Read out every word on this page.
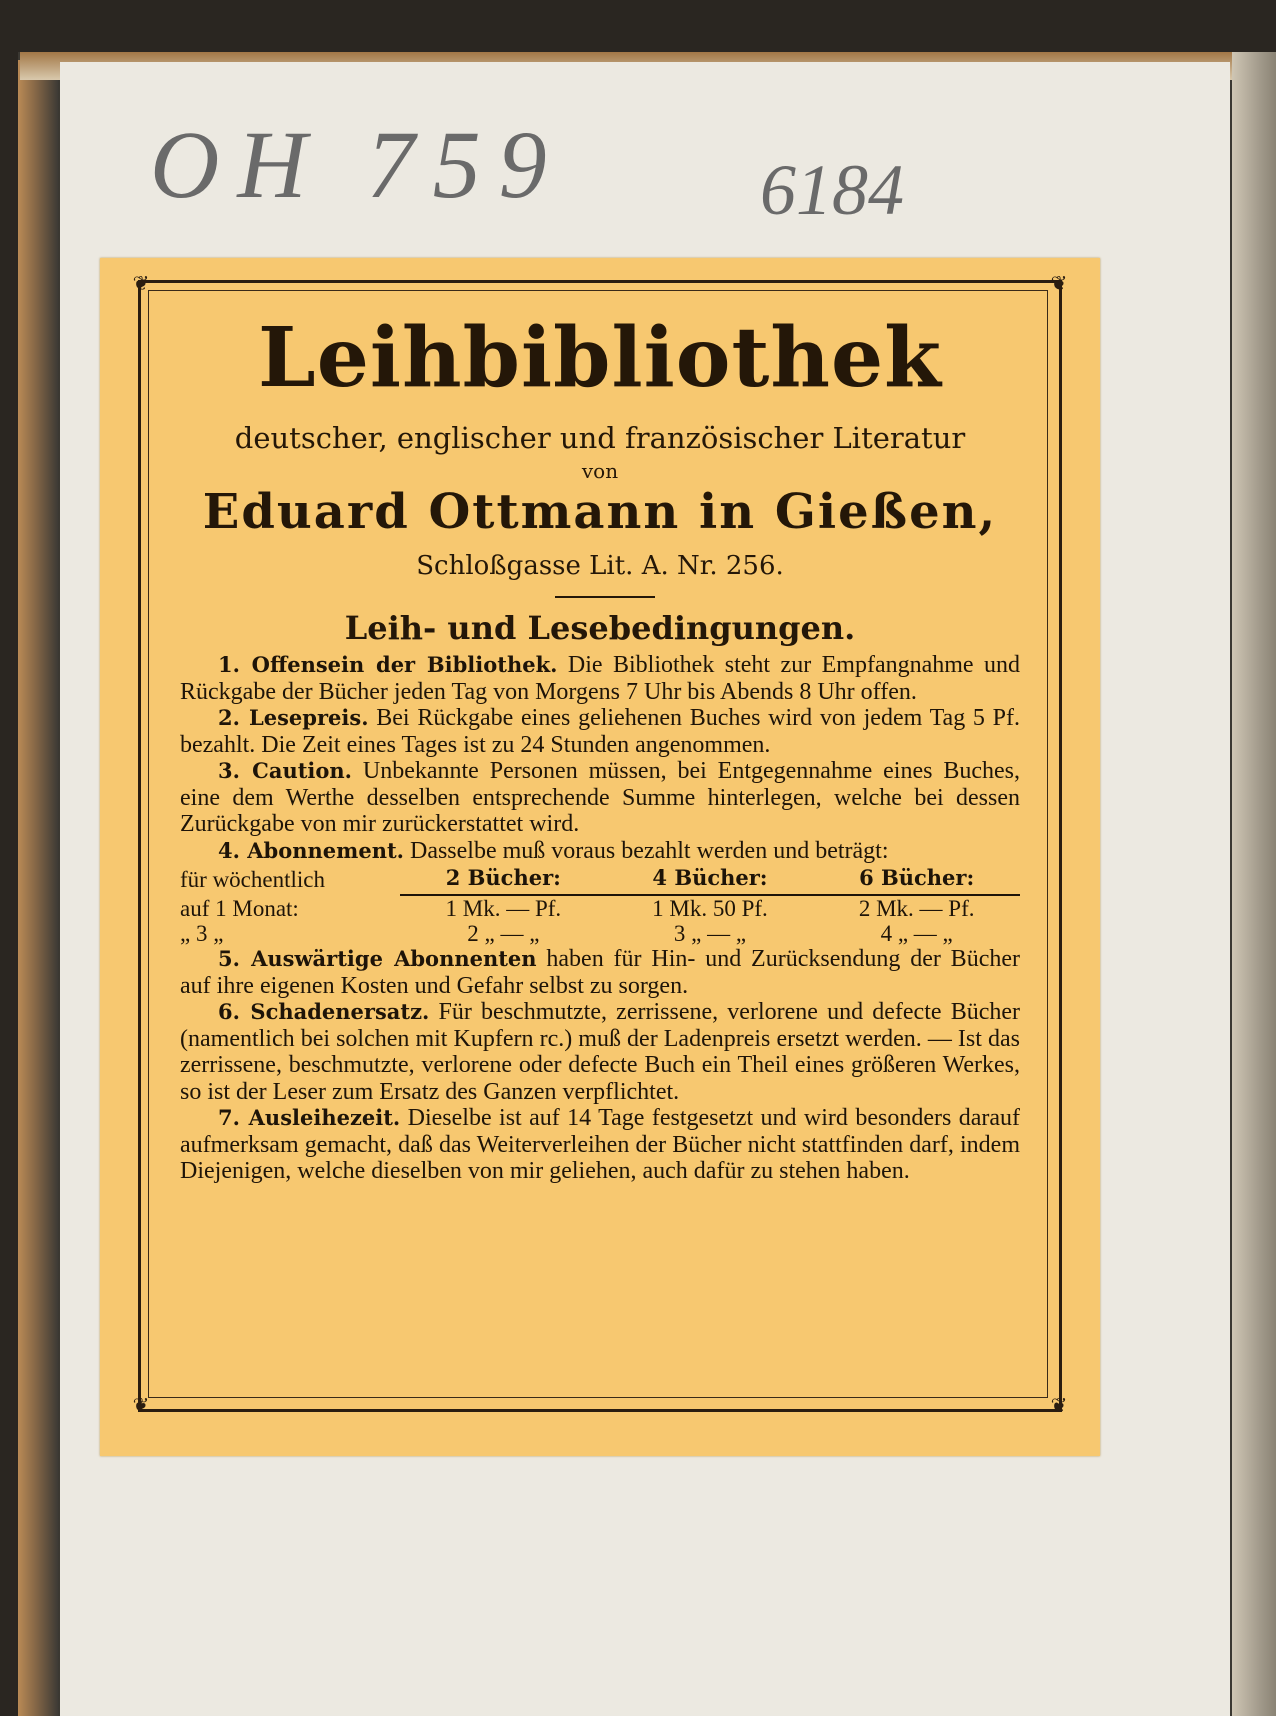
OH 759	6184
❦	❦
❦	❦
Leihbibliothek
deutscher, englischer und französischer Literatur
von
Eduard Ottmann in Gießen,
Schloßgasse Lit. A. Nr. 256.
Leih- und Lesebedingungen.

1. Offensein der Bibliothek. Die Bibliothek steht zur Empfangnahme und Rückgabe der Bücher jeden Tag von Morgens 7 Uhr bis Abends 8 Uhr offen.

2. Lesepreis. Bei Rückgabe eines geliehenen Buches wird von jedem Tag 5 Pf. bezahlt. Die Zeit eines Tages ist zu 24 Stunden angenommen.

3. Caution. Unbekannte Personen müssen, bei Entgegennahme eines Buches, eine dem Werthe desselben entsprechende Summe hinterlegen, welche bei dessen Zurückgabe von mir zurückerstattet wird.

4. Abonnement. Dasselbe muß voraus bezahlt werden und beträgt:

für wöchentlich	2 Bücher:	4 Bücher:	6 Bücher:
auf 1 Monat:	1 Mk. — Pf.	1 Mk. 50 Pf.	2 Mk. — Pf.
„ 3 „	2 „ — „	3 „ — „	4 „ — „

5. Auswärtige Abonnenten haben für Hin- und Zurücksendung der Bücher auf ihre eigenen Kosten und Gefahr selbst zu sorgen.

6. Schadenersatz. Für beschmutzte, zerrissene, verlorene und defecte Bücher (namentlich bei solchen mit Kupfern rc.) muß der Ladenpreis ersetzt werden. — Ist das zerrissene, beschmutzte, verlorene oder defecte Buch ein Theil eines größeren Werkes, so ist der Leser zum Ersatz des Ganzen verpflichtet.

7. Ausleihezeit. Dieselbe ist auf 14 Tage festgesetzt und wird besonders darauf aufmerksam gemacht, daß das Weiterverleihen der Bücher nicht stattfinden darf, indem Diejenigen, welche dieselben von mir geliehen, auch dafür zu stehen haben.
